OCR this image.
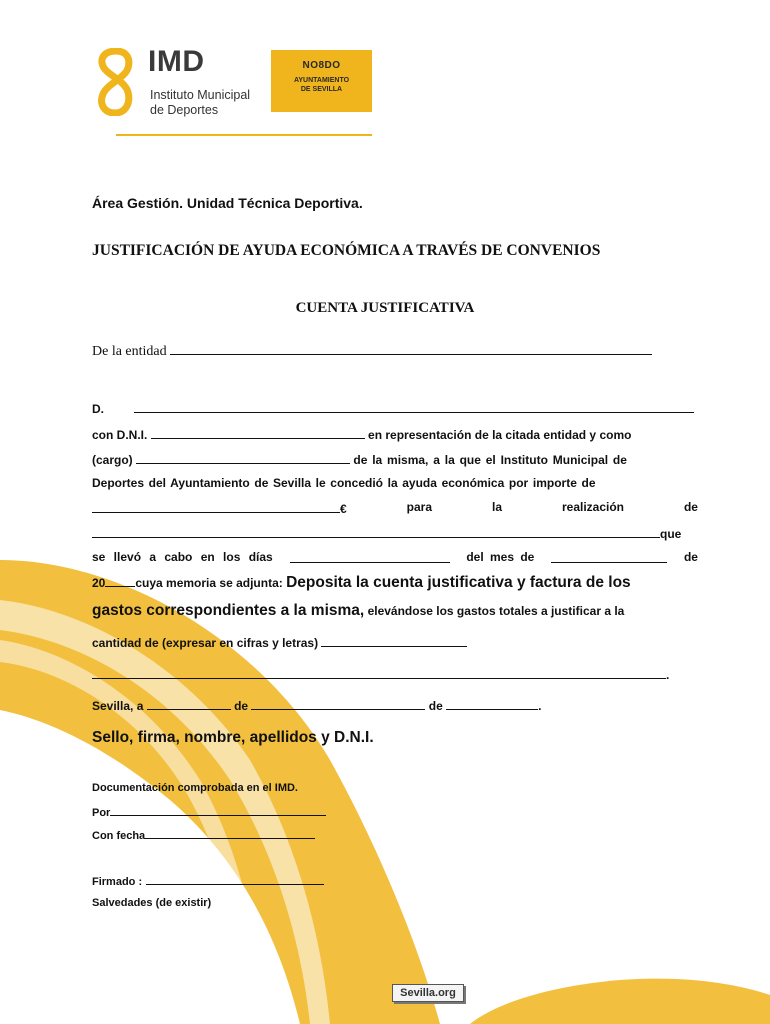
IMD
Instituto Municipal
de Deportes
NO8DO
AYUNTAMIENTO
DE SEVILLA
Área Gestión. Unidad Técnica Deportiva.
JUSTIFICACIÓN DE AYUDA ECONÓMICA A TRAVÉS DE CONVENIOS
CUENTA JUSTIFICATIVA
De la entidad
D.
con D.N.I.	en representación de la citada entidad y como
(cargo)	de la misma, a la que el Instituto Municipal de
Deportes del Ayuntamiento de Sevilla le concedió la ayuda económica por importe de
€	para	la	realización	de
que
se llevó a cabo en los días	del mes de	de
20	cuya memoria se adjunta: Deposita la cuenta justificativa y factura de los
gastos correspondientes a la misma, elevándose los gastos totales a justificar a la
cantidad de (expresar en cifras y letras)
.
Sevilla, a	de	de	.
Sello, firma, nombre, apellidos y D.N.I.
Documentación comprobada en el IMD.
Por
Con fecha
Firmado :
Salvedades (de existir)
Sevilla.org
